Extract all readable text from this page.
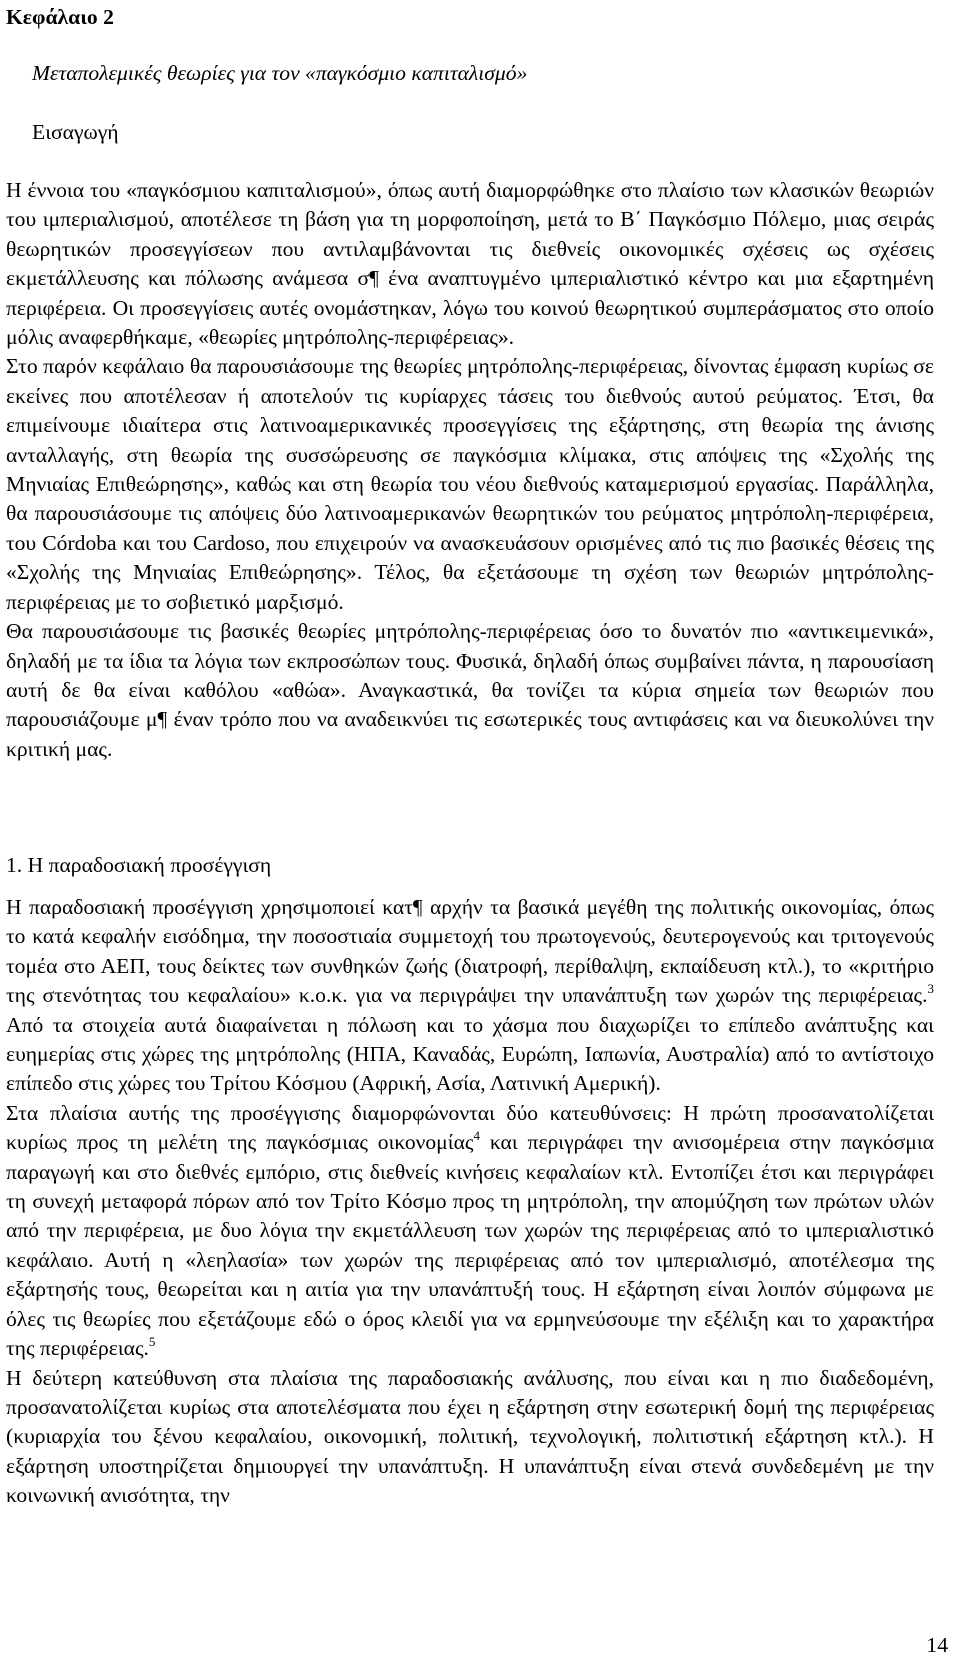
Κεφάλαιο 2
Μεταπολεμικές θεωρίες για τον «παγκόσμιο καπιταλισμό»
Εισαγωγή

Η έννοια του «παγκόσμιου καπιταλισμού», όπως αυτή διαμορφώθηκε στο πλαίσιο των κλασικών θεωριών του ιμπεριαλισμού, αποτέλεσε τη βάση για τη μορφοποίηση, μετά το Β΄ Παγκόσμιο Πόλεμο, μιας σειράς θεωρητικών προσεγγίσεων που αντιλαμβάνονται τις διεθνείς οικονομικές σχέσεις ως σχέσεις εκμετάλλευσης και πόλωσης ανάμεσα σ¶ ένα αναπτυγμένο ιμπεριαλιστικό κέντρο και μια εξαρτημένη περιφέρεια. Οι προσεγγίσεις αυτές ονομάστηκαν, λόγω του κοινού θεωρητικού συμπεράσματος στο οποίο μόλις αναφερθήκαμε, «θεωρίες μητρόπολης-περιφέρειας».

Στο παρόν κεφάλαιο θα παρουσιάσουμε της θεωρίες μητρόπολης-περιφέρειας, δίνοντας έμφαση κυρίως σε εκείνες που αποτέλεσαν ή αποτελούν τις κυρίαρχες τάσεις του διεθνούς αυτού ρεύματος. Έτσι, θα επιμείνουμε ιδιαίτερα στις λατινοαμερικανικές προσεγγίσεις της εξάρτησης, στη θεωρία της άνισης ανταλλαγής, στη θεωρία της συσσώρευσης σε παγκόσμια κλίμακα, στις απόψεις της «Σχολής της Μηνιαίας Επιθεώρησης», καθώς και στη θεωρία του νέου διεθνούς καταμερισμού εργασίας. Παράλληλα, θα παρουσιάσουμε τις απόψεις δύο λατινοαμερικανών θεωρητικών του ρεύματος μητρόπολη-περιφέρεια, του Córdoba και του Cardoso, που επιχειρούν να ανασκευάσουν ορισμένες από τις πιο βασικές θέσεις της «Σχολής της Μηνιαίας Επιθεώρησης». Τέλος, θα εξετάσουμε τη σχέση των θεωριών μητρόπολης-περιφέρειας με το σοβιετικό μαρξισμό.

Θα παρουσιάσουμε τις βασικές θεωρίες μητρόπολης-περιφέρειας όσο το δυνατόν πιο «αντικειμενικά», δηλαδή με τα ίδια τα λόγια των εκπροσώπων τους. Φυσικά, δηλαδή όπως συμβαίνει πάντα, η παρουσίαση αυτή δε θα είναι καθόλου «αθώα». Αναγκαστικά, θα τονίζει τα κύρια σημεία των θεωριών που παρουσιάζουμε μ¶ έναν τρόπο που να αναδεικνύει τις εσωτερικές τους αντιφάσεις και να διευκολύνει την κριτική μας.

1. Η παραδοσιακή προσέγγιση

Η παραδοσιακή προσέγγιση χρησιμοποιεί κατ¶ αρχήν τα βασικά μεγέθη της πολιτικής οικονομίας, όπως το κατά κεφαλήν εισόδημα, την ποσοστιαία συμμετοχή του πρωτογενούς, δευτερογενούς και τριτογενούς τομέα στο ΑΕΠ, τους δείκτες των συνθηκών ζωής (διατροφή, περίθαλψη, εκπαίδευση κτλ.), το «κριτήριο της στενότητας του κεφαλαίου» κ.ο.κ. για να περιγράψει την υπανάπτυξη των χωρών της περιφέρειας.$^3$ Από τα στοιχεία αυτά διαφαίνεται η πόλωση και το χάσμα που διαχωρίζει το επίπεδο ανάπτυξης και ευημερίας στις χώρες της μητρόπολης (ΗΠΑ, Καναδάς, Ευρώπη, Ιαπωνία, Αυστραλία) από το αντίστοιχο επίπεδο στις χώρες του Τρίτου Κόσμου (Αφρική, Ασία, Λατινική Αμερική).

Στα πλαίσια αυτής της προσέγγισης διαμορφώνονται δύο κατευθύνσεις: Η πρώτη προσανατολίζεται κυρίως προς τη μελέτη της παγκόσμιας οικονομίας$^4$ και περιγράφει την ανισομέρεια στην παγκόσμια παραγωγή και στο διεθνές εμπόριο, στις διεθνείς κινήσεις κεφαλαίων κτλ. Εντοπίζει έτσι και περιγράφει τη συνεχή μεταφορά πόρων από τον Τρίτο Κόσμο προς τη μητρόπολη, την απομύζηση των πρώτων υλών από την περιφέρεια, με δυο λόγια την εκμετάλλευση των χωρών της περιφέρειας από το ιμπεριαλιστικό κεφάλαιο. Αυτή η «λεηλασία» των χωρών της περιφέρειας από τον ιμπεριαλισμό, αποτέλεσμα της εξάρτησής τους, θεωρείται και η αιτία για την υπανάπτυξή τους. Η εξάρτηση είναι λοιπόν σύμφωνα με όλες τις θεωρίες που εξετάζουμε εδώ ο όρος κλειδί για να ερμηνεύσουμε την εξέλιξη και το χαρακτήρα της περιφέρειας.$^5$

Η δεύτερη κατεύθυνση στα πλαίσια της παραδοσιακής ανάλυσης, που είναι και η πιο διαδεδομένη, προσανατολίζεται κυρίως στα αποτελέσματα που έχει η εξάρτηση στην εσωτερική δομή της περιφέρειας (κυριαρχία του ξένου κεφαλαίου, οικονομική, πολιτική, τεχνολογική, πολιτιστική εξάρτηση κτλ.). Η εξάρτηση υποστηρίζεται δημιουργεί την υπανάπτυξη. Η υπανάπτυξη είναι στενά συνδεδεμένη με την κοινωνική ανισότητα, την

14
